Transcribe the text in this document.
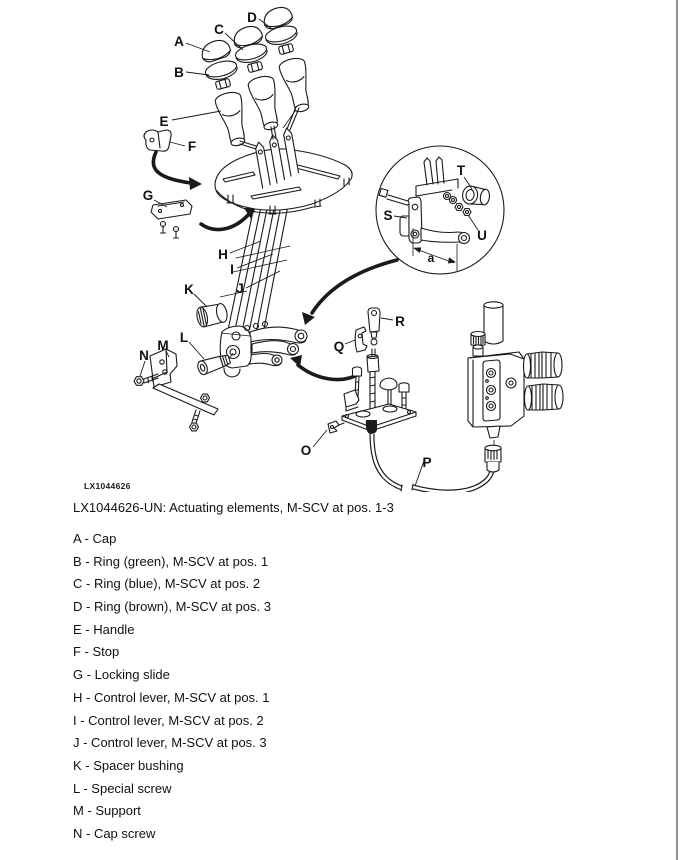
a
A
B
C
D
E
F
G
H
I
J
K
L
M
N
O
P
Q
R
S
T
U
LX1044626
LX1044626-UN: Actuating elements, M-SCV at pos. 1-3
A - Cap
B - Ring (green), M-SCV at pos. 1
C - Ring (blue), M-SCV at pos. 2
D - Ring (brown), M-SCV at pos. 3
E - Handle
F - Stop
G - Locking slide
H - Control lever, M-SCV at pos. 1
I - Control lever, M-SCV at pos. 2
J - Control lever, M-SCV at pos. 3
K - Spacer bushing
L - Special screw
M - Support
N - Cap screw
